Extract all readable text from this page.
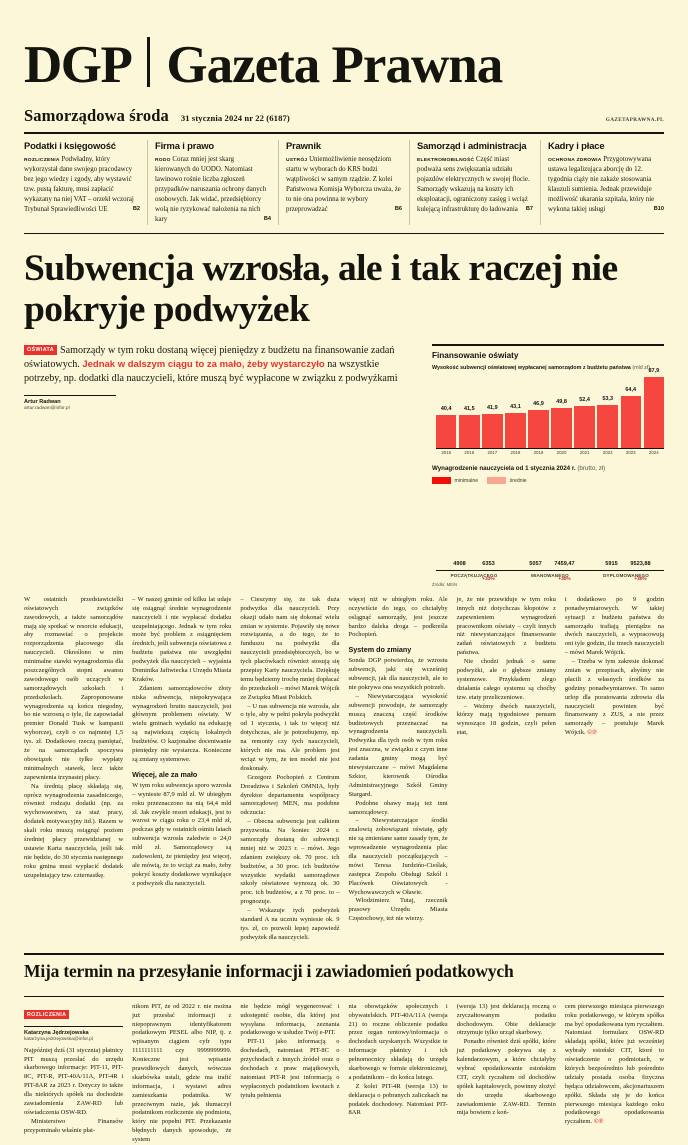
DGP Gazeta Prawna
Samorządowa środa 31 stycznia 2024 nr 22 (6187)	GAZETAPRAWNA.PL
Podatki i księgowość
ROZLICZENIA Podwładny, który wykorzystał dane swojego pracodawcy bez jego wiedzy i zgody, aby wystawić tzw. pustą fakturę, musi zapłacić wykazany na niej VAT – orzekł wczoraj Trybunał Sprawiedliwości UE	B2
Firma i prawo
RODO Coraz mniej jest skarg kierowanych do UODO. Natomiast lawinowo rośnie liczba zgłoszeń przypadków naruszania ochrony danych osobowych. Jak widać, przedsiębiorcy wolą nie ryzykować nałożenia na nich kary	B4
Prawnik
USTRÓJ Uniemożliwienie neosędziom startu w wyborach do KRS budzi wątpliwości w samym rządzie. Z kolei Państwowa Komisja Wyborcza uważa, że to nie ona powinna te wybory przeprowadzać	B6
Samorząd i administracja
ELEKTROMOBILNOŚĆ Część miast podważa sens zwiększania udziału pojazdów elektrycznych w swojej flocie. Samorządy wskazują na koszty ich eksploatacji, ograniczony zasięg i wciąż kulejącą infrastrukturę do ładowania B7
Kadry i płace
OCHRONA ZDROWIA Przygotowywana ustawa legalizująca aborcję do 12. tygodnia ciąży nie zakaże stosowania klauzuli sumienia. Jednak przewiduje możliwość ukarania szpitala, który nie wykona takiej usługi	B10
Subwencja wzrosła, ale i tak raczej nie pokryje podwyżek
OŚWIATA Samorządy w tym roku dostaną więcej pieniędzy z budżetu na finansowanie zadań oświatowych. Jednak w dalszym ciągu to za mało, żeby wystarczyło na wszystkie potrzeby, np. dodatki dla nauczycieli, które muszą być wypłacone w związku z podwyżkami
Artur Radwan
artur.radwan@infor.pl
Finansowanie oświaty
Wysokość subwencji oświatowej wypłacanej samorządom z budżetu państwa (mld zł)
40,4 41,5 41,9 43,1
46,9 49,8 52,4 53,3
64,4
87,9
2015	2016	2017	2018	2019	2020	2021	2022	2023	2024
Wynagrodzenie nauczyciela od 1 stycznia 2024 r. (brutto, zł)
minimalne	średnie
4908	6353
+33%
5057 7459,47
+30%
5915 9523,88
+30%
POCZĄTKUJĄCEGO	MIANOWANEGO	DYPLOMOWANEGO
Źródło: MEiN

W ostatnich przedstawicielki oświatowych związków zawodowych, a także samorządów mają się spotkać w resorcie edukacji, aby rozmawiać o projekcie rozporządzenia płacowego dla nauczycieli. Określono w nim minimalne stawki wynagrodzenia dla poszczególnych stopni awansu zawodowego osób uczących w samorządowych szkołach i przedszkolach. Zaproponowane wynagrodzenia są końcu niegodny, bo nie wzrosną o tyle, ile zapowiadał premier Donald Tusk w kampanii wyborczej, czyli o co najmniej 1,5 tys. zł. Dodatkowo rzeczą pamiętać, że na samorządach spoczywa obowiązek nie tylko wypłaty minimalnych stawek, lecz także zapewnienia trzynastej płacy.

Na średnią płacę składają się, oprócz wynagrodzenia zasadniczego, również rodzaju dodatki (np. za wychowawstwo, za staż pracy, dodatek motywacyjny itd.). Razem w skali roku muszą osiągnąć poziom średniej płacy przewidzianej w ustawie Karta nauczyciela, jeśli tak nie będzie, do 30 stycznia następnego roku gmina musi wypłacić dodatek uzupełniający tzw. czternastkę.

– W naszej gminie od kilku lat udaje się osiągnąć średnie wynagrodzenie nauczycieli i nie wypłacać dodatku uzupełniającego. Jednak w tym roku może być problem z osiągnięciem średnich, jeśli subwencja oświatowa z budżetu państwa nie uwzględni podwyżek dla nauczycieli – wyjaśnia Dominika Jafiwiecka i Urzędu Miasta Kraków.

Zdaniem samorządowców żłoty niska subwencja, niepokrywająca wynagrodzeń brutto nauczycieli, jest głównym problemem oświaty. W wielu gminach wydatki na edukację są najwiekszą częścią lokalnych budżetów. O kazjonalne doceniwanie pieniędzy nie wystarcza. Konieczne są zmiany systemowe.

Więcej, ale za mało

W tym roku subwencja sporo wzrosła – wyniesie 87,9 mld zł. W ubiegłym roku przeznaczono na nią 64,4 mld zł. Jak zwykle resort edukacji, jest to wzrost w ciągu roku o 23,4 mld zł, podczas gdy w ostatnich ośmiu latach subwencja wzrosła zaledwie o 24,0 mld zł. Samorządowcy są zadowoleni, że pieniędzy jest więcej, ale mówią, że to wciąż za mało, żeby pokryć koszty dodatkowe wynikające z podwyżek dla nauczycieli.

– Cieszymy się, że tak duża podwyżka dla nauczycieli. Przy okazji udało nam się dokonać wielu zmian w systemie. Pojawiły się nowe rozwiązania, a do tego, że to funduszu na podwyżki dla nauczycieli przedsiębiorczych, bo w tych placówkach również stosują się przepisy Karty nauczyciela. Dziękuję temu będziemy trochę mniej dopłacać do przedszkoli – mówi Marek Wójcik ze Związku Miast Polskich.

– U nas subwencja nie wzrosła, ale o tyle, aby w pełni pokryła podwyżki od 1 stycznia, i tak to więcej niż dotychczas, ale je potrzebujemy, np. na remonty czy tych nauczycieli, których nie ma. Ale problem jest wciąż w tym, że ten model nie jest doskonały.

Grzegorz Pochopień z Centrum Doradztwa i Szkoleń OMNIA, były dyrektor departamentu współpracy samorządowej MEN, ma podobne odczucia:

– Obecna subwencja jest całkiem przyzwoita. Na koniec 2024 r. samorządy dostaną do subwencji mniej niż w 2023 r. – mówi. Jego zdaniem zwiększy ok. 70 proc. ich budżetów, a 30 proc. ich budżetów wszystkie wydatki samorządowe szkoły oświatowe wynoszą ok. 30 proc. ich budżetów, a z 70 proc. to – prognozuje.

– Wskazuje tych podwyżek standard A na uczniu wyniesie ok. 9 tys. zł, co pozwoli lepiej zapowiedź podwyżek dla nauczycieli.

więcej niż w ubiegłym roku. Ale oczywiście do tego, co chciałyby oslągnąć samorządy, jest jeszcze bardzo daleka droga – podkreśla Pochopień.

System do zmiany

Sonda DGP potwierdza, że wzrostu subwencji, jaki się wcześniej subwencji, jak dla nauczycieli, ale to nie pokrywa ona wszystkich potrzeb.

– Niewystarczająca wysokość subwencji powoduje, że samorządy muszą znaczną część środków budżetowych przeznaczać na wynagrodzenia nauczycieli. Podwyżka dla tych osób w tym roku jest znaczna, w związku z czym inne zadania gminy mogą być niewystarczane – mówi Magdalena Szkior, kierownik Ośrodka Administracyjnego Szkół Gminy Stargard.

Podobne obawy mają też inni samorządowcy.

– Niewystarczające środki znalowią zobowiązani oświatę, gdy nie są zmieniane same zasady tym, że wprowadzenie wynagrodzenia plac dla nauczycieli początkujących – mówi Teresa Jurdzińo-Cieślak, zastępca Zespołu Obsługi Szkół i Placówek Oświatowych -Wychowawczych w Oławie.

Włodzimierz Tutaj, rzecznik prasowy Urzędu Miasta Częstochowy, też nie wierzy.

je, że nie przewiduje w tym roku innych niż dotychczas kłopotów z zapewnieniem wynagrodzeń pracownikom oświaty – czyli innych niż niewystarczające finansowanie zadań oświatowych z budżetu państwa.

Nie chodzi jednak o same podwyżki, ale o głębsze zmiany systemowe. Przykładem złego działania całego systemu są choćby tzw. etaty przeliczeniowe.

– Weźmy dwóch nauczycieli, którzy mają tygodniowe pensum wynoszące 18 godzin, czyli pełen etat,

i dodatkowo po 9 godzin ponadwymiarowych. W takiej sytuacji z budżetu państwa do samorządu trafiają pieniądze na dwóch nauczycieli, a wypracowują oni tyle godzin, ilu trzech nauczycieli – mówi Marek Wójcik.

– Trzeba w tym zakresie dokonać zmian w przepisach, abyśmy nie płacili z własnych środków za godziny ponadwymiarowe. To samo urlop dla poratowania zdrowia dla nauczycieli powinien być finansowany z ZUS, a nie przez samorządy – postuluje Marek Wójcik. ©℗

Mija termin na przesyłanie informacji i zawiadomień podatkowych
ROZLICZENIA
Katarzyna Jędrzejowska
katarzyna.jedrzejowska@infor.pl

Najpóźniej dziś (31 stycznia) płatnicy PIT muszą przesłać do urzędu skarbowego informacje: PIT-11, PIT-8C, PIT-R, PIT-40A/11A, PIT-4R i PIT-8AR za 2023 r. Dotyczy to także dla niektórych spółek na dochodzie zawiadomienia ZAW-RD lub oświadczenia OSW-RD.

Ministerstwo Finansów przypominało właśnie płat-

nikom PIT, że od 2022 r. nie można już przesłać informacji z niepoprawnym identyfikatorem podatkowym PESEL albo NIP, tj. z wpisanym ciągiem cyfr typu 1111111111 czy 9999999999. Konieczne jest wpisanie prawidłowych danych, wówczas skarbówka ustali, gdzie ma trafić informacja, i wystawi adres zamieszkania podatnika. W przeciwnym razie, jak tłumaczył podatnikom rozliczenie się podmiotu, który nie popełni PIT. Przekazanie błędnych danych spowoduje, że system

nie będzie mógł wygenerować i udostępnić osobie, dla której jest wysyłana informacja, zeznania podatkowego w usłudze Twój e-PIT.

PIT-11 jako informacją o dochodach, natomiast PIT-8C o przychodach z innych źródeł oraz o dochodach z praw majątkowych, natomiast PIT-R jest informacją o wypłaconych podatnikom kwotach z tytułu pełnienia

nia obowiązków społecznych i obywatelskich. PIT-40A/11A (wersja 21) to roczne obliczenie podatku przez organ rentowy/informacja o dochodach uzyskanych. Wszystkie te informacje płatnicy i ich pełnomocnicy składają do urzędu skarbowego w formie elektronicznej, a podatnikom – do końca lutego.

Z kolei PIT-4R (wersja 13) to deklaracja o pobranych zaliczkach na podatek dochodowy. Natomiast PIT-8AR

(wersja 13) jest deklaracją roczną o zryczałtowanym podatku dochodowym. Obie deklaracje otrzymuje tylko urząd skarbowy.

Ponadto również dziś spółki, które już podatkowy pokrywa się z kalendarzowym, a które chciałyby wybrać opodatkowanie estońskim CIT, czyli ryczałtem od dochodów spółek kapitałowych, powinny złożyć do urzędu skarbowego zawiadomienie ZAW-RD. Termin mija bowiem z koń-

cem pierwszego miesiąca pierwszego roku podatkowego, w którym spółka ma być opodatkowana tym ryczałtem. Natomiast formularz OSW-RD składają spółki, które już wcześniej wybrały estoński CIT, ktoré to oświadczenie o podmiotach, w których bezpośrednio lub pośrednio udziały posiada osoba fizyczna będąca udziałowcem, akcjonariuszem spółki. Składa się je do końca pierwszego miesiąca każdego roku podatkowego opodatkowania ryczałtem. ©℗
